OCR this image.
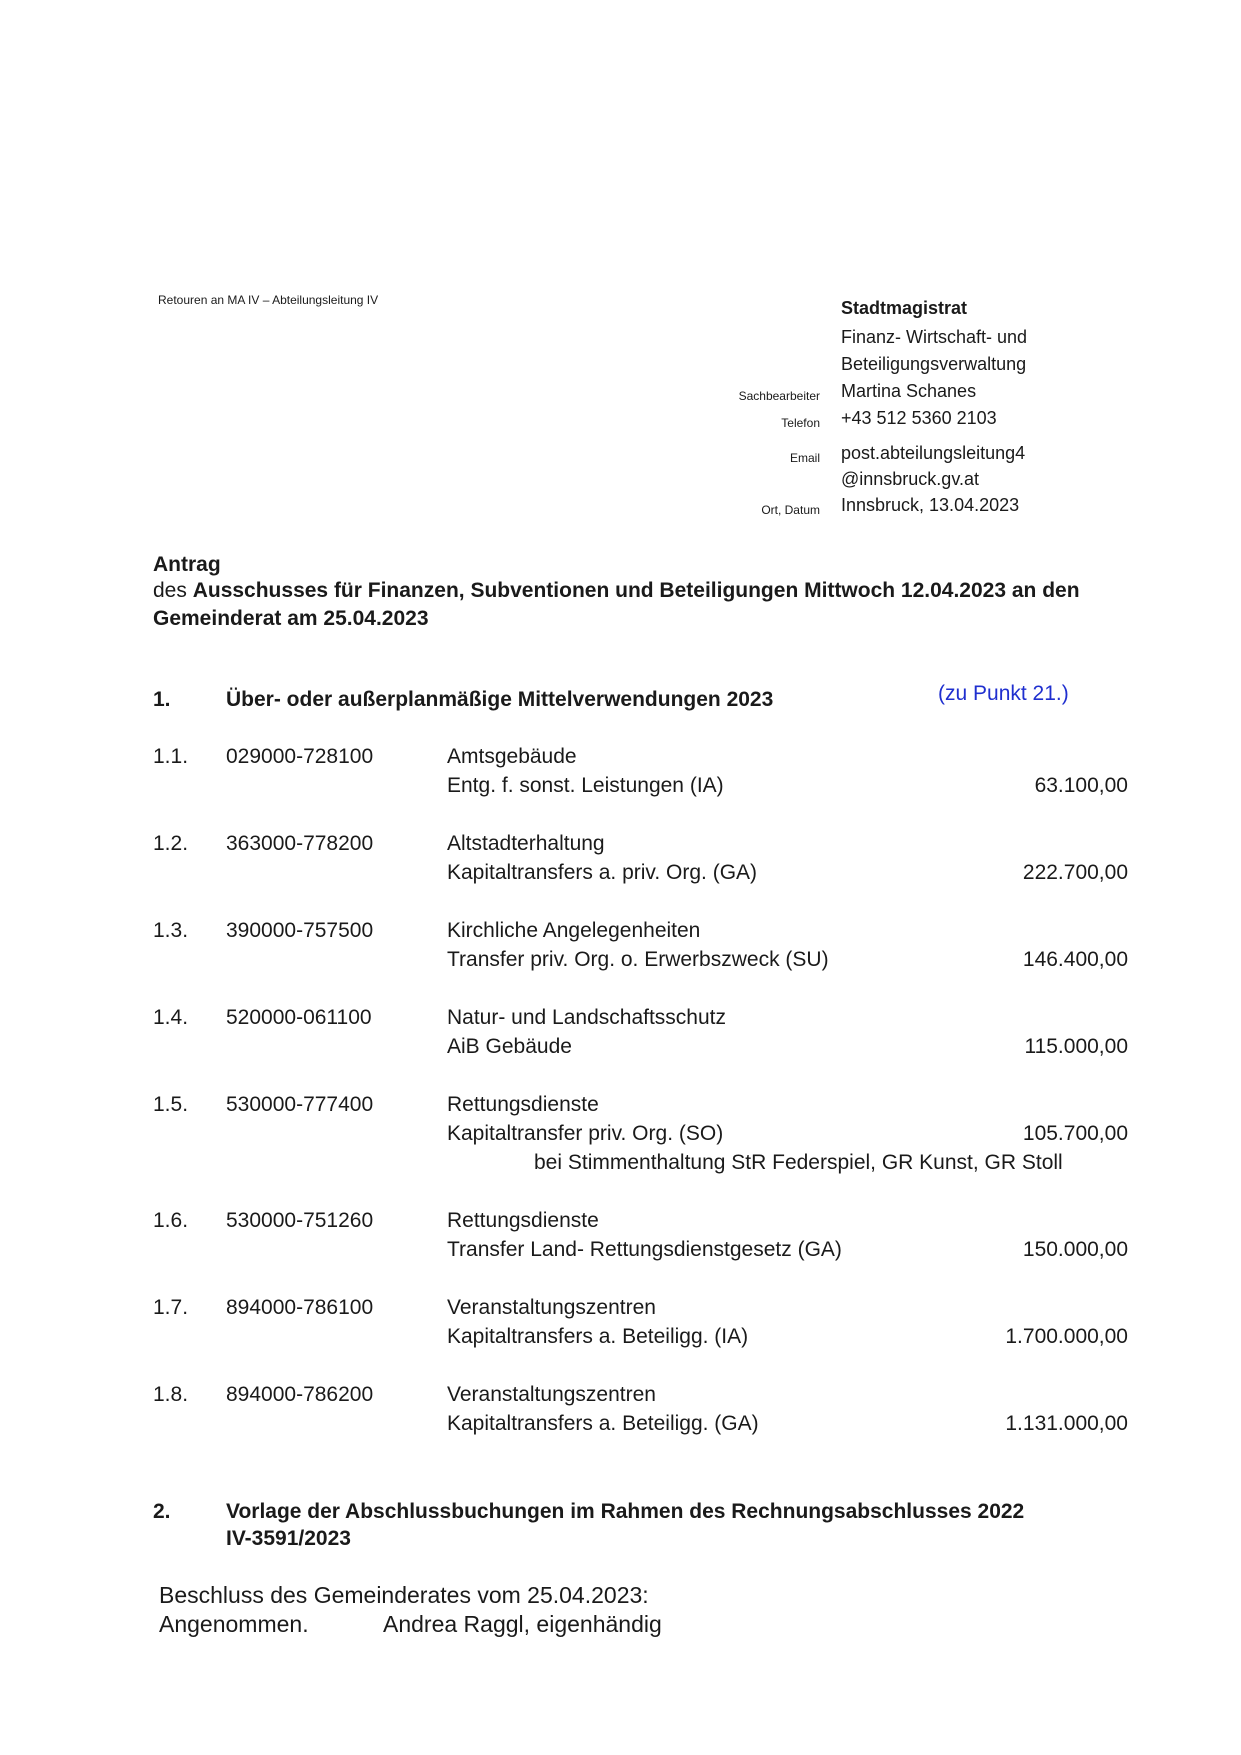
Retouren an MA IV – Abteilungsleitung IV	Stadtmagistrat
Finanz- Wirtschaft- und
Beteiligungsverwaltung
Sachbearbeiter Martina Schanes
Telefon +43 512 5360 2103
Email post.abteilungsleitung4
@innsbruck.gv.at
Ort, Datum Innsbruck, 13.04.2023
Antrag
des Ausschusses für Finanzen, Subventionen und Beteiligungen Mittwoch 12.04.2023 an den Gemeinderat am 25.04.2023
1.	Über- oder außerplanmäßige Mittelverwendungen 2023	(zu Punkt 21.)
1.1. 029000-728100	Amtsgebäude
Entg. f. sonst. Leistungen (IA)	63.100,00
1.2. 363000-778200	Altstadterhaltung
Kapitaltransfers a. priv. Org. (GA)	222.700,00
1.3. 390000-757500	Kirchliche Angelegenheiten
Transfer priv. Org. o. Erwerbszweck (SU)	146.400,00
1.4. 520000-061100	Natur- und Landschaftsschutz
AiB Gebäude	115.000,00
1.5. 530000-777400	Rettungsdienste
Kapitaltransfer priv. Org. (SO)	105.700,00
bei Stimmenthaltung StR Federspiel, GR Kunst, GR Stoll
1.6. 530000-751260	Rettungsdienste
Transfer Land- Rettungsdienstgesetz (GA)	150.000,00
1.7. 894000-786100	Veranstaltungszentren
Kapitaltransfers a. Beteiligg. (IA)	1.700.000,00
1.8. 894000-786200	Veranstaltungszentren
Kapitaltransfers a. Beteiligg. (GA)	1.131.000,00
2.	Vorlage der Abschlussbuchungen im Rahmen des Rechnungsabschlusses 2022
IV-3591/2023
Beschluss des Gemeinderates vom 25.04.2023:
Angenommen.	Andrea Raggl, eigenhändig
